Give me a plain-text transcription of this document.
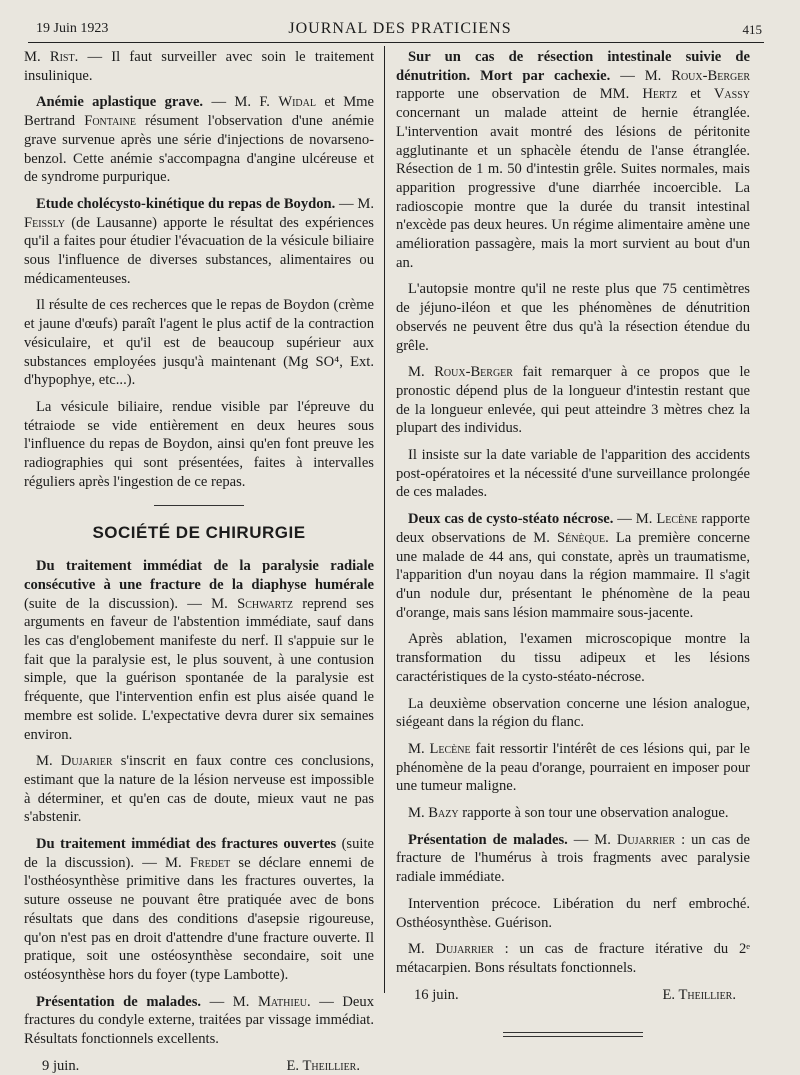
19 Juin 1923	JOURNAL DES PRATICIENS	415

M. Rist. — Il faut surveiller avec soin le traitement insulinique.

Anémie aplastique grave. — M. F. Widal et Mme Bertrand Fontaine résument l'observation d'une anémie grave survenue après une série d'injections de novarseno-benzol. Cette anémie s'accompagna d'angine ulcéreuse et de syndrome purpurique.

Etude cholécysto-kinétique du repas de Boydon. — M. Feissly (de Lausanne) apporte le résultat des expériences qu'il a faites pour étudier l'évacuation de la vésicule biliaire sous l'influence de diverses substances, alimentaires ou médicamenteuses.

Il résulte de ces recherces que le repas de Boydon (crème et jaune d'œufs) paraît l'agent le plus actif de la contraction vésiculaire, et qu'il est de beaucoup supérieur aux substances employées jusqu'à maintenant (Mg SO⁴, Ext. d'hypophye, etc...).

La vésicule biliaire, rendue visible par l'épreuve du tétraiode se vide entièrement en deux heures sous l'influence du repas de Boydon, ainsi qu'en font preuve les radiographies qui sont présentées, faites à intervalles réguliers après l'ingestion de ce repas.

SOCIÉTÉ DE CHIRURGIE

Du traitement immédiat de la paralysie radiale consécutive à une fracture de la diaphyse humérale (suite de la discussion). — M. Schwartz reprend ses arguments en faveur de l'abstention immédiate, sauf dans les cas d'englobement manifeste du nerf. Il s'appuie sur le fait que la paralysie est, le plus souvent, à une contusion simple, que la guérison spontanée de la paralysie est fréquente, que l'intervention enfin est plus aisée quand le membre est solide. L'expectative devra durer six semaines environ.

M. Dujarier s'inscrit en faux contre ces conclusions, estimant que la nature de la lésion nerveuse est impossible à déterminer, et qu'en cas de doute, mieux vaut ne pas s'abstenir.

Du traitement immédiat des fractures ouvertes (suite de la discussion). — M. Fredet se déclare ennemi de l'osthéosynthèse primitive dans les fractures ouvertes, la suture osseuse ne pouvant être pratiquée avec de bons résultats que dans des conditions d'asepsie rigoureuse, qu'on n'est pas en droit d'attendre d'une fracture ouverte. Il pratique, soit une ostéosynthèse secondaire, soit une ostéosynthèse hors du foyer (type Lambotte).

Présentation de malades. — M. Mathieu. — Deux fractures du condyle externe, traitées par vissage immédiat. Résultats fonctionnels excellents.

9 juin.	E. Theillier.

Sur un cas de résection intestinale suivie de dénutrition. Mort par cachexie. — M. Roux-Berger rapporte une observation de MM. Hertz et Vassy concernant un malade atteint de hernie étranglée. L'intervention avait montré des lésions de péritonite agglutinante et un sphacèle étendu de l'anse étranglée. Résection de 1 m. 50 d'intestin grêle. Suites normales, mais apparition progressive d'une diarrhée incoercible. La radioscopie montre que la durée du transit intestinal n'excède pas deux heures. Un régime alimentaire amène une amélioration passagère, mais la mort survient au bout d'un an.

L'autopsie montre qu'il ne reste plus que 75 centimètres de jéjuno-iléon et que les phénomènes de dénutrition observés ne peuvent être dus qu'à la résection étendue du grêle.

M. Roux-Berger fait remarquer à ce propos que le pronostic dépend plus de la longueur d'intestin restant que de la longueur enlevée, qui peut atteindre 3 mètres chez la plupart des individus.

Il insiste sur la date variable de l'apparition des accidents post-opératoires et la nécessité d'une surveillance prolongée de ces malades.

Deux cas de cysto-stéato nécrose. — M. Lecène rapporte deux observations de M. Sénèque. La première concerne une malade de 44 ans, qui constate, après un traumatisme, l'apparition d'un noyau dans la région mammaire. Il s'agit d'un nodule dur, présentant le phénomène de la peau d'orange, mais sans lésion mammaire sous-jacente.

Après ablation, l'examen microscopique montre la transformation du tissu adipeux et les lésions caractéristiques de la cysto-stéato-nécrose.

La deuxième observation concerne une lésion analogue, siégeant dans la région du flanc.

M. Lecène fait ressortir l'intérêt de ces lésions qui, par le phénomène de la peau d'orange, pourraient en imposer pour une tumeur maligne.

M. Bazy rapporte à son tour une observation analogue.

Présentation de malades. — M. Dujarrier : un cas de fracture de l'humérus à trois fragments avec paralysie radiale immédiate.

Intervention précoce. Libération du nerf embroché. Osthéosynthèse. Guérison.

M. Dujarrier : un cas de fracture itérative du 2ᵉ métacarpien. Bons résultats fonctionnels.

16 juin.	E. Theillier.
